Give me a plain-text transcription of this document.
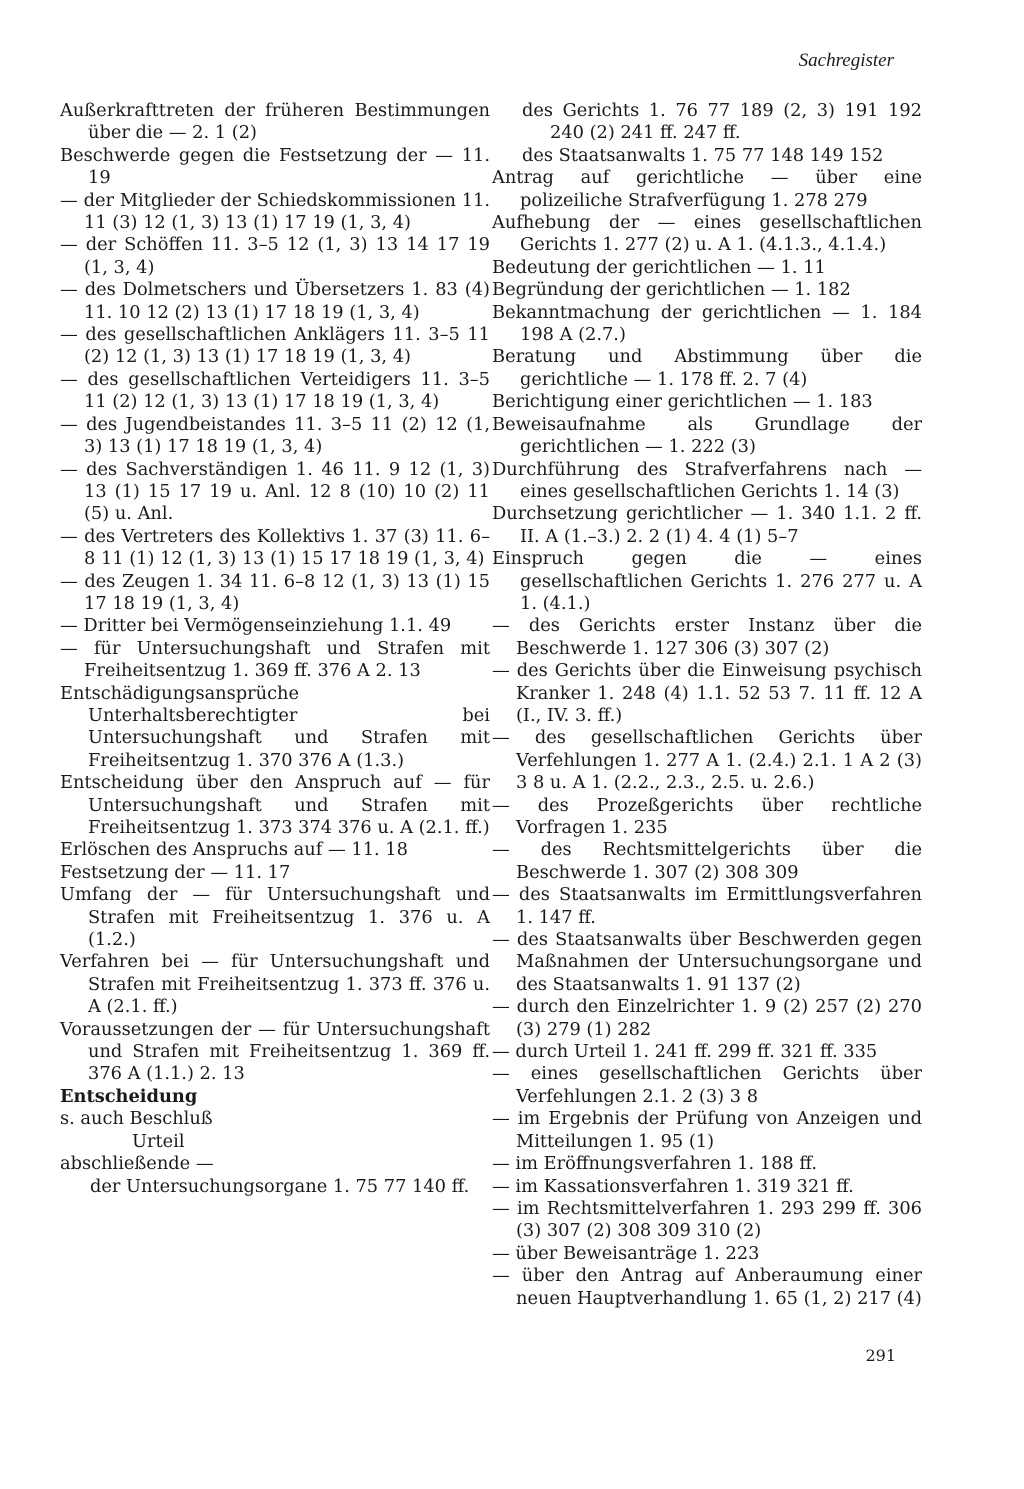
Sachregister
Außerkrafttreten der früheren Bestimmungen über die — 2. 1 (2)
Beschwerde gegen die Festsetzung der — 11. 19
— der Mitglieder der Schiedskommissionen 11. 11 (3) 12 (1, 3) 13 (1) 17 19 (1, 3, 4)
— der Schöffen 11. 3–5 12 (1, 3) 13 14 17 19 (1, 3, 4)
— des Dolmetschers und Übersetzers 1. 83 (4) 11. 10 12 (2) 13 (1) 17 18 19 (1, 3, 4)
— des gesellschaftlichen Anklägers 11. 3–5 11 (2) 12 (1, 3) 13 (1) 17 18 19 (1, 3, 4)
— des gesellschaftlichen Verteidigers 11. 3–5 11 (2) 12 (1, 3) 13 (1) 17 18 19 (1, 3, 4)
— des Jugendbeistandes 11. 3–5 11 (2) 12 (1, 3) 13 (1) 17 18 19 (1, 3, 4)
— des Sachverständigen 1. 46 11. 9 12 (1, 3) 13 (1) 15 17 19 u. Anl. 12 8 (10) 10 (2) 11 (5) u. Anl.
— des Vertreters des Kollektivs 1. 37 (3) 11. 6–8 11 (1) 12 (1, 3) 13 (1) 15 17 18 19 (1, 3, 4)
— des Zeugen 1. 34 11. 6–8 12 (1, 3) 13 (1) 15 17 18 19 (1, 3, 4)
— Dritter bei Vermögenseinziehung 1.1. 49
— für Untersuchungshaft und Strafen mit Freiheitsentzug 1. 369 ff. 376 A 2. 13
Entschädigungsansprüche Unterhaltsberechtigter bei Untersuchungshaft und Strafen mit Freiheitsentzug 1. 370 376 A (1.3.)
Entscheidung über den Anspruch auf — für Untersuchungshaft und Strafen mit Freiheitsentzug 1. 373 374 376 u. A (2.1. ff.)
Erlöschen des Anspruchs auf — 11. 18
Festsetzung der — 11. 17
Umfang der — für Untersuchungshaft und Strafen mit Freiheitsentzug 1. 376 u. A (1.2.)
Verfahren bei — für Untersuchungshaft und Strafen mit Freiheitsentzug 1. 373 ff. 376 u. A (2.1. ff.)
Voraussetzungen der — für Untersuchungshaft und Strafen mit Freiheitsentzug 1. 369 ff. 376 A (1.1.) 2. 13
Entscheidung
s. auch Beschluß
Urteil
abschließende —
der Untersuchungsorgane 1. 75 77 140 ff.
des Gerichts 1. 76 77 189 (2, 3) 191 192 240 (2) 241 ff. 247 ff.
des Staatsanwalts 1. 75 77 148 149 152
Antrag auf gerichtliche — über eine polizeiliche Strafverfügung 1. 278 279
Aufhebung der — eines gesellschaftlichen Gerichts 1. 277 (2) u. A 1. (4.1.3., 4.1.4.)
Bedeutung der gerichtlichen — 1. 11
Begründung der gerichtlichen — 1. 182
Bekanntmachung der gerichtlichen — 1. 184 198 A (2.7.)
Beratung und Abstimmung über die gerichtliche — 1. 178 ff. 2. 7 (4)
Berichtigung einer gerichtlichen — 1. 183
Beweisaufnahme als Grundlage der gerichtlichen — 1. 222 (3)
Durchführung des Strafverfahrens nach — eines gesellschaftlichen Gerichts 1. 14 (3)
Durchsetzung gerichtlicher — 1. 340 1.1. 2 ff. II. A (1.–3.) 2. 2 (1) 4. 4 (1) 5–7
Einspruch gegen die — eines gesellschaftlichen Gerichts 1. 276 277 u. A 1. (4.1.)
— des Gerichts erster Instanz über die Beschwerde 1. 127 306 (3) 307 (2)
— des Gerichts über die Einweisung psychisch Kranker 1. 248 (4) 1.1. 52 53 7. 11 ff. 12 A (I., IV. 3. ff.)
— des gesellschaftlichen Gerichts über Verfehlungen 1. 277 A 1. (2.4.) 2.1. 1 A 2 (3) 3 8 u. A 1. (2.2., 2.3., 2.5. u. 2.6.)
— des Prozeßgerichts über rechtliche Vorfragen 1. 235
— des Rechtsmittelgerichts über die Beschwerde 1. 307 (2) 308 309
— des Staatsanwalts im Ermittlungsverfahren 1. 147 ff.
— des Staatsanwalts über Beschwerden gegen Maßnahmen der Untersuchungsorgane und des Staatsanwalts 1. 91 137 (2)
— durch den Einzelrichter 1. 9 (2) 257 (2) 270 (3) 279 (1) 282
— durch Urteil 1. 241 ff. 299 ff. 321 ff. 335
— eines gesellschaftlichen Gerichts über Verfehlungen 2.1. 2 (3) 3 8
— im Ergebnis der Prüfung von Anzeigen und Mitteilungen 1. 95 (1)
— im Eröffnungsverfahren 1. 188 ff.
— im Kassationsverfahren 1. 319 321 ff.
— im Rechtsmittelverfahren 1. 293 299 ff. 306 (3) 307 (2) 308 309 310 (2)
— über Beweisanträge 1. 223
— über den Antrag auf Anberaumung einer neuen Hauptverhandlung 1. 65 (1, 2) 217 (4)
291
